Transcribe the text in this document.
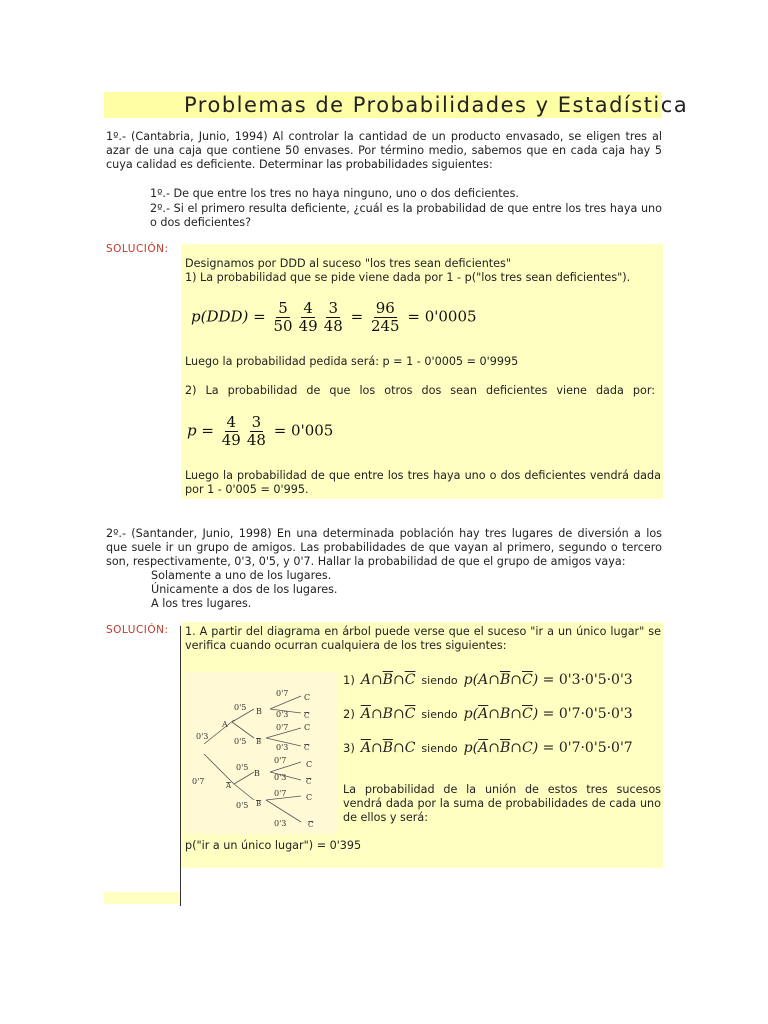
Problemas de Probabilidades y Estadística
1º.- (Cantabria, Junio, 1994) Al controlar la cantidad de un producto envasado, se eligen tres al azar de una caja que contiene 50 envases. Por término medio, sabemos que en cada caja hay 5 cuya calidad es deficiente. Determinar las probabilidades siguientes:
1º.- De que entre los tres no haya ninguno, uno o dos deficientes.
2º.- Si el primero resulta deficiente, ¿cuál es la probabilidad de que entre los tres haya uno o dos deficientes?
SOLUCIÓN:
Designamos por DDD al suceso "los tres sean deficientes"
1) La probabilidad que se pide viene dada por 1 - p("los tres sean deficientes").
$p(DDD) = \frac{5}{50} \frac{4}{49} \frac{3}{48} = \frac{96}{245} = 0'0005$
Luego la probabilidad pedida será: p = 1 - 0'0005 = 0'9995
2) La probabilidad de que los otros dos sean deficientes viene dada por:
$p = \frac{4}{49} \frac{3}{48} = 0'005$
Luego la probabilidad de que entre los tres haya uno o dos deficientes vendrá dada por 1 - 0'005 = 0'995.
2º.- (Santander, Junio, 1998) En una determinada población hay tres lugares de diversión a los que suele ir un grupo de amigos. Las probabilidades de que vayan al primero, segundo o tercero son, respectivamente, 0'3, 0'5, y 0'7. Hallar la probabilidad de que el grupo de amigos vaya:
Solamente a uno de los lugares.
Únicamente a dos de los lugares.
A los tres lugares.
SOLUCIÓN: 1. A partir del diagrama en árbol puede verse que el suceso "ir a un único lugar" se verifica cuando ocurran cualquiera de los tres siguientes:
0'5
0'3
A
0'5
B
B
0'7 C
0'3 C
0'7 C
0'3 C
0'7	A
0'5
B
0'7 C
0'3	C
0'5 B
0'7 C
0'3	C
1) $A\cap\overline{B}\cap\overline{C}$ siendo $p(A\cap\overline{B}\cap\overline{C}) = 0'3\cdot 0'5\cdot 0'3$
2) $\overline{A}\cap B\cap\overline{C}$ siendo $p(\overline{A}\cap B\cap\overline{C}) = 0'7\cdot 0'5\cdot 0'3$
3) $\overline{A}\cap\overline{B}\cap C$ siendo $p(\overline{A}\cap\overline{B}\cap C) = 0'7\cdot 0'5\cdot 0'7$
La probabilidad de la unión de estos tres sucesos vendrá dada por la suma de probabilidades de cada uno de ellos y será:
p("ir a un único lugar") = 0'395
